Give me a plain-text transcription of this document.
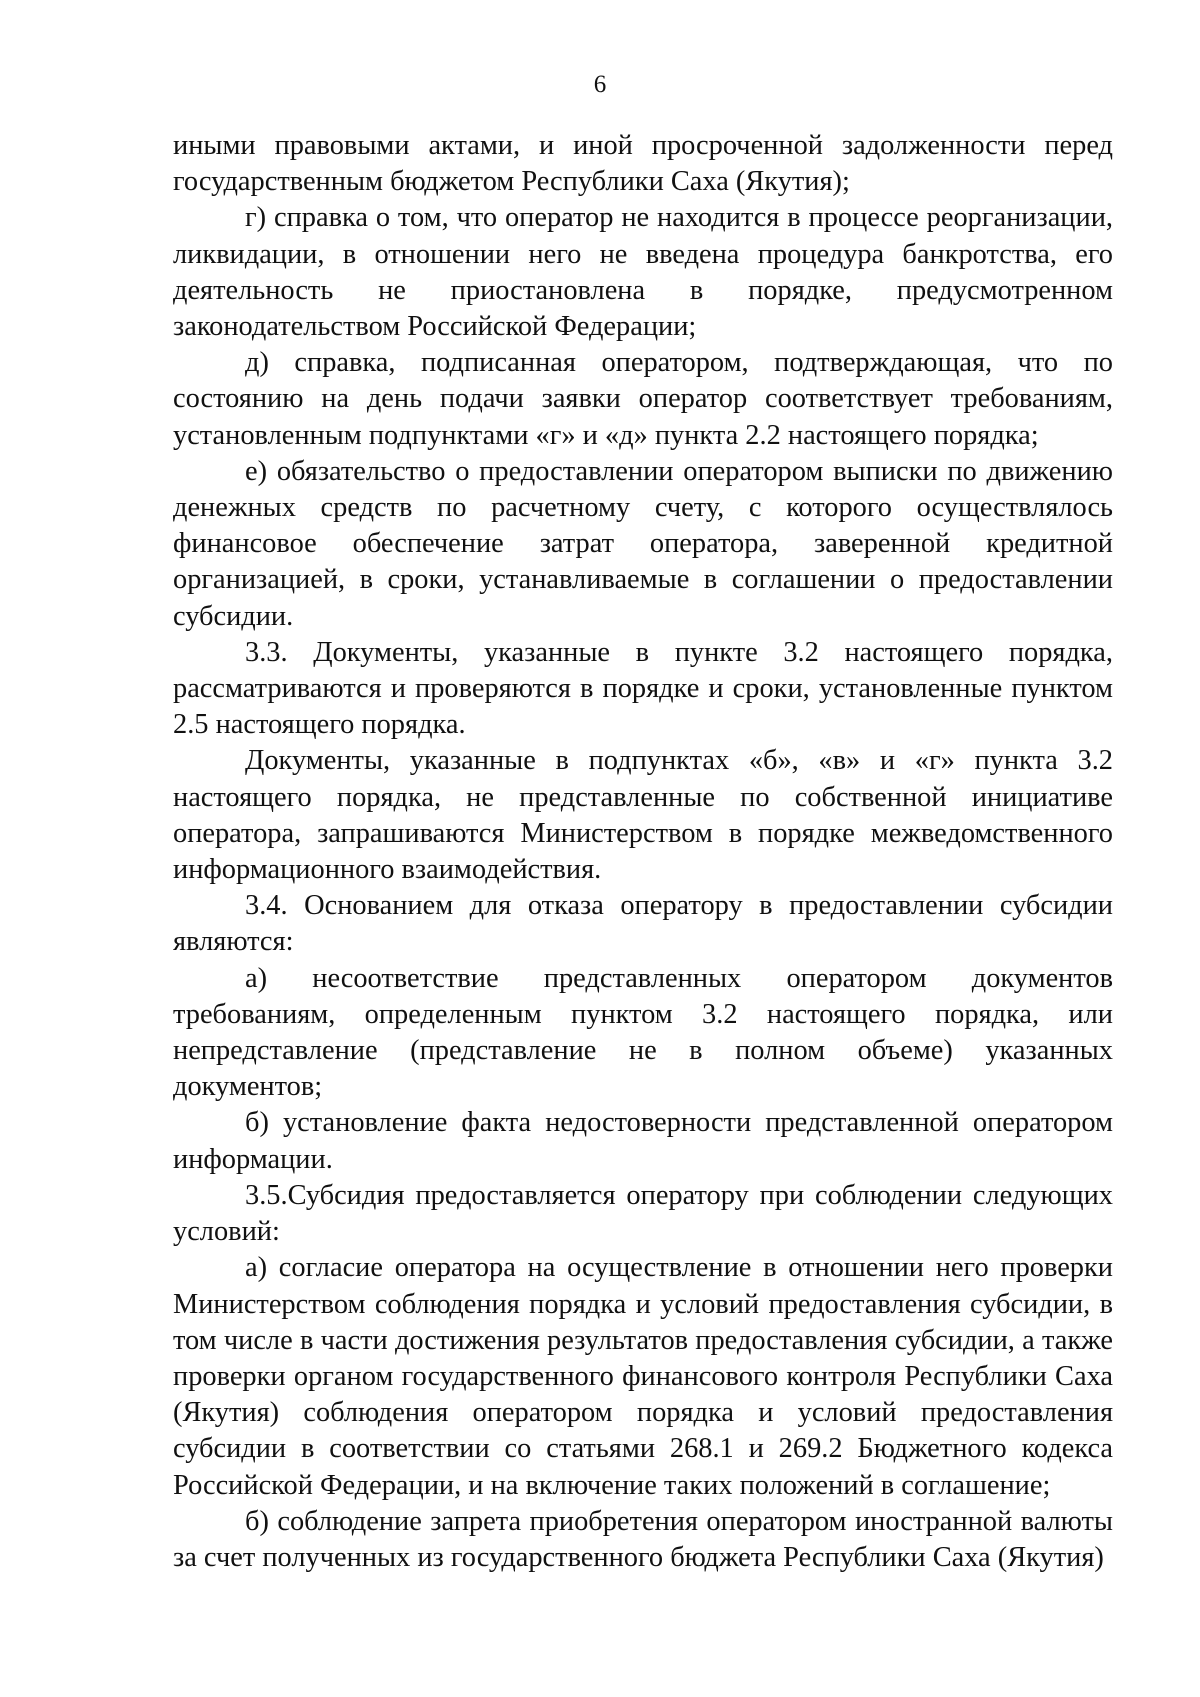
6

иными правовыми актами, и иной просроченной задолженности перед государственным бюджетом Республики Саха (Якутия);

г) справка о том, что оператор не находится в процессе реорганизации, ликвидации, в отношении него не введена процедура банкротства, его деятельность не приостановлена в порядке, предусмотренном законодательством Российской Федерации;

д) справка, подписанная оператором, подтверждающая, что по состоянию на день подачи заявки оператор соответствует требованиям, установленным подпунктами «г» и «д» пункта 2.2 настоящего порядка;

е) обязательство о предоставлении оператором выписки по движению денежных средств по расчетному счету, с которого осуществлялось финансовое обеспечение затрат оператора, заверенной кредитной организацией, в сроки, устанавливаемые в соглашении о предоставлении субсидии.

3.3. Документы, указанные в пункте 3.2 настоящего порядка, рассматриваются и проверяются в порядке и сроки, установленные пунктом 2.5 настоящего порядка.

Документы, указанные в подпунктах «б», «в» и «г» пункта 3.2 настоящего порядка, не представленные по собственной инициативе оператора, запрашиваются Министерством в порядке межведомственного информационного взаимодействия.

3.4. Основанием для отказа оператору в предоставлении субсидии являются:

а) несоответствие представленных оператором документов требованиям, определенным пунктом 3.2 настоящего порядка, или непредставление (представление не в полном объеме) указанных документов;

б) установление факта недостоверности представленной оператором информации.

3.5.Субсидия предоставляется оператору при соблюдении следующих условий:

а) согласие оператора на осуществление в отношении него проверки Министерством соблюдения порядка и условий предоставления субсидии, в том числе в части достижения результатов предоставления субсидии, а также проверки органом государственного финансового контроля Республики Саха (Якутия) соблюдения оператором порядка и условий предоставления субсидии в соответствии со статьями 268.1 и 269.2 Бюджетного кодекса Российской Федерации, и на включение таких положений в соглашение;

б) соблюдение запрета приобретения оператором иностранной валюты за счет полученных из государственного бюджета Республики Саха (Якутия)
